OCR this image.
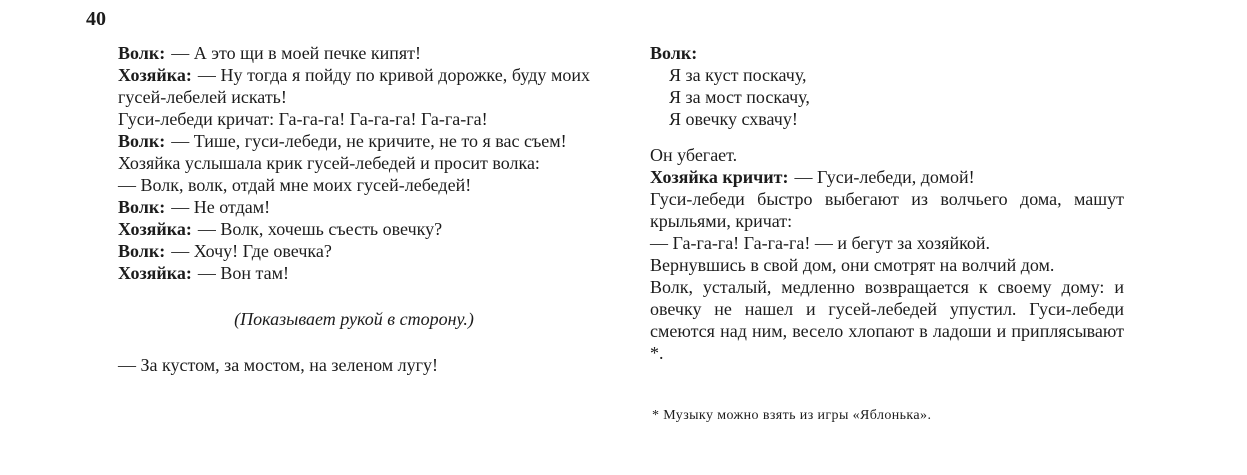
40

Волк: — А это щи в моей печке кипят!

Хозяйка: — Ну тогда я пойду по кривой дорожке, буду моих гусей-лебелей искать!

Гуси-лебеди кричат: Га-га-га! Га-га-га! Га-га-га!

Волк: — Тише, гуси-лебеди, не кричите, не то я вас съем!

Хозяйка услышала крик гусей-лебедей и просит волка:

— Волк, волк, отдай мне моих гусей-лебедей!

Волк: — Не отдам!

Хозяйка: — Волк, хочешь съесть овечку?

Волк: — Хочу! Где овечка?

Хозяйка: — Вон там!

(Показывает рукой в сторону.)

— За кустом, за мостом, на зеленом лугу!

Волк:

Я за куст поскачу,
Я за мост поскачу,
Я овечку схвачу!

Он убегает.

Хозяйка кричит: — Гуси-лебеди, домой!

Гуси-лебеди быстро выбегают из волчьего дома, машут крыльями, кричат:

— Га-га-га! Га-га-га! — и бегут за хозяйкой.

Вернувшись в свой дом, они смотрят на волчий дом.

Волк, усталый, медленно возвращается к своему дому: и овечку не нашел и гусей-лебедей упустил. Гуси-лебеди смеются над ним, весело хлопают в ладоши и приплясывают *.

* Музыку можно взять из игры «Яблонька».
